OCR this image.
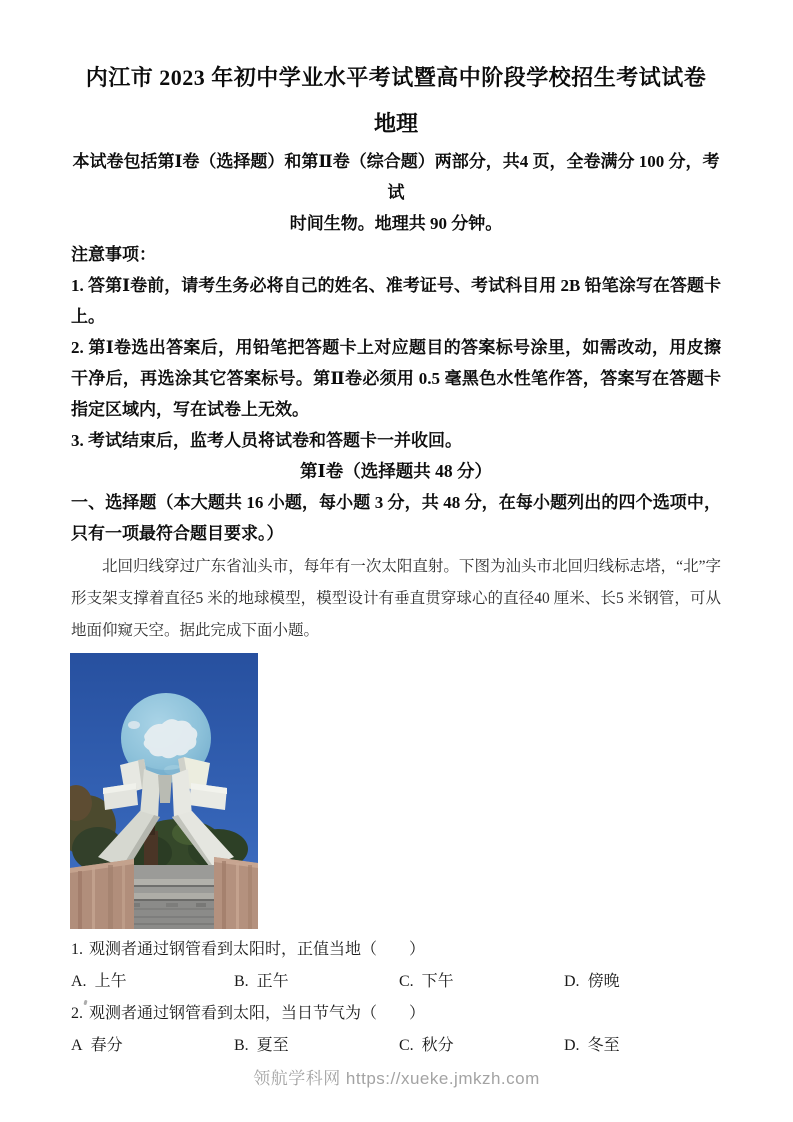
内江市 2023 年初中学业水平考试暨高中阶段学校招生考试试卷
地理
本试卷包括第Ⅰ卷（选择题）和第Ⅱ卷（综合题）两部分，共4 页，全卷满分 100 分，考试
时间生物。地理共 90 分钟。
注意事项：
1. 答第Ⅰ卷前，请考生务必将自己的姓名、准考证号、考试科目用 2B 铅笔涂写在答题卡上。
2. 第Ⅰ卷选出答案后，用铅笔把答题卡上对应题目的答案标号涂里，如需改动，用皮擦干净后，再选涂其它答案标号。第Ⅱ卷必须用 0.5 毫黑色水性笔作答，答案写在答题卡指定区域内，写在试卷上无效。
3. 考试结束后，监考人员将试卷和答题卡一并收回。
第Ⅰ卷（选择题共 48 分）
一、选择题（本大题共 16 小题，每小题 3 分，共 48 分，在每小题列出的四个选项中，只有一项最符合题目要求。）
北回归线穿过广东省汕头市，每年有一次太阳直射。下图为汕头市北回归线标志塔，“北”字形支架支撑着直径5 米的地球模型，模型设计有垂直贯穿球心的直径40 厘米、长5 米钢管，可从地面仰窥天空。据此完成下面小题。
1. 观测者通过钢管看到太阳时，正值当地（　　）
A. 上午	B. 正午	C. 下午	D. 傍晚
2. 观测者通过钢管看到太阳，当日节气为（　　）
A 春分	B. 夏至	C. 秋分	D. 冬至
领航学科网 https://xueke.jmkzh.com
